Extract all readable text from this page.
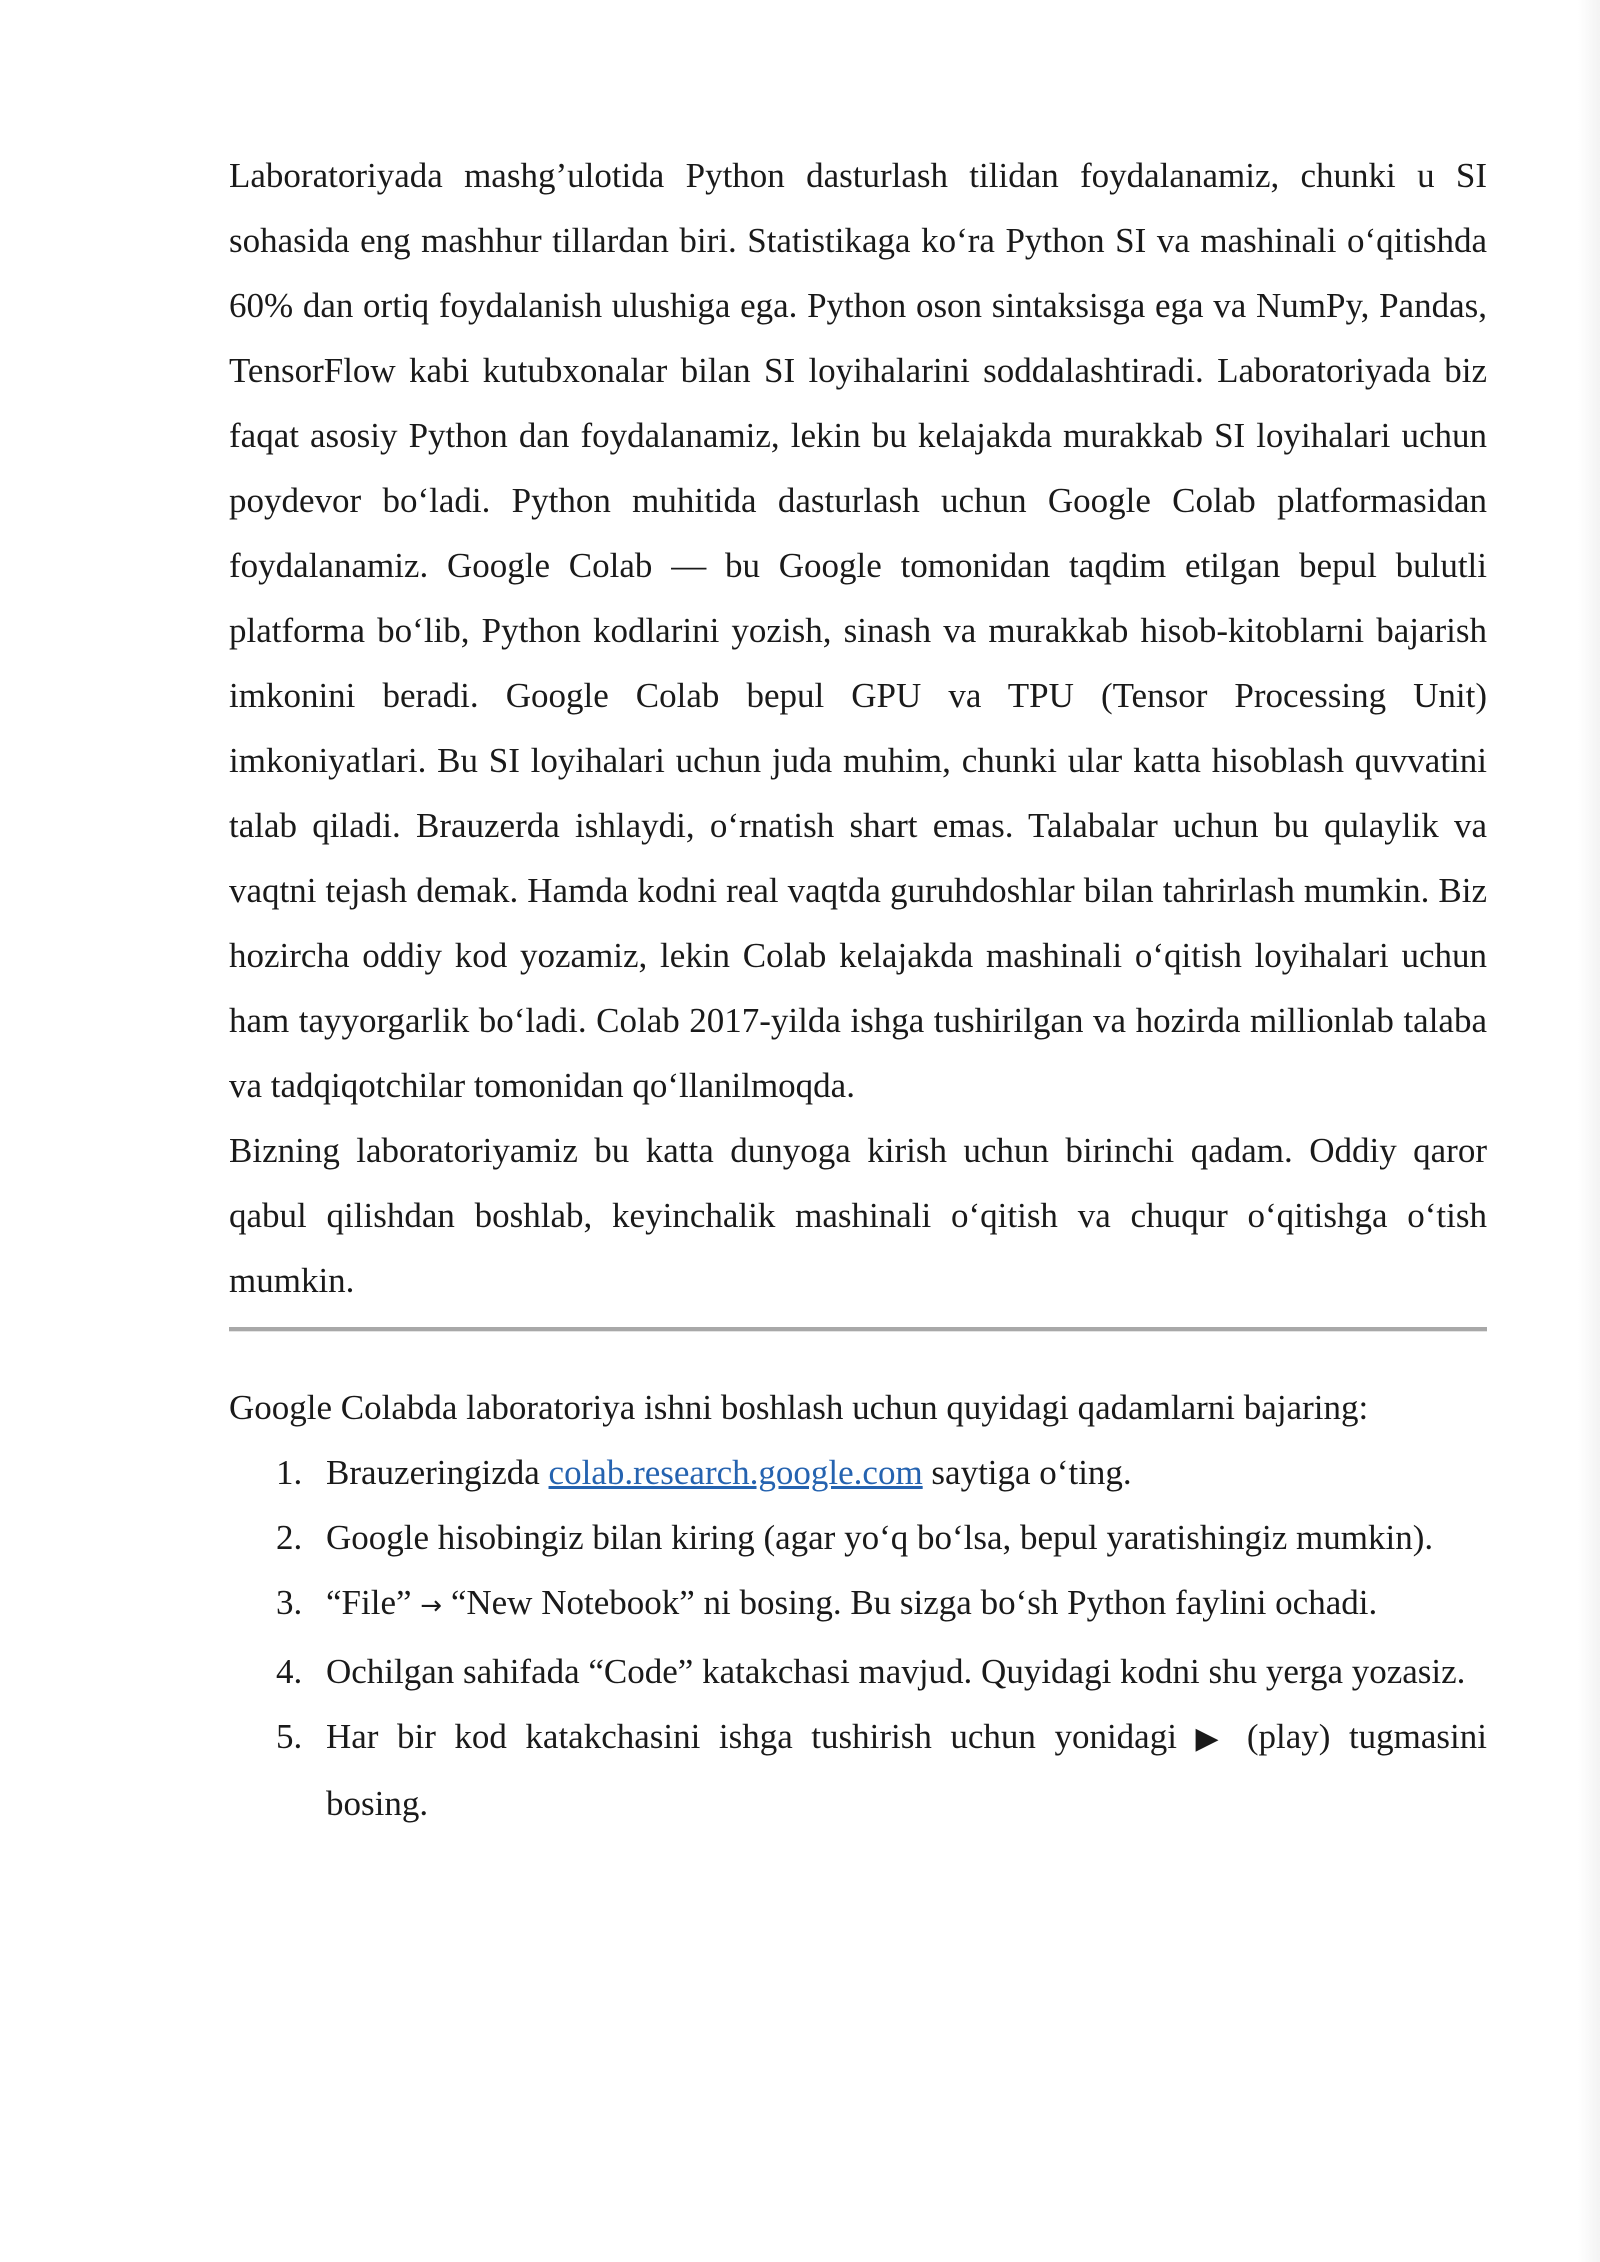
Laboratoriyada mashg’ulotida Python dasturlash tilidan foydalanamiz, chunki u SI sohasida eng mashhur tillardan biri. Statistikaga ko‘ra Python SI va mashinali o‘qitishda 60% dan ortiq foydalanish ulushiga ega. Python oson sintaksisga ega va NumPy, Pandas, TensorFlow kabi kutubxonalar bilan SI loyihalarini soddalashtiradi. Laboratoriyada biz faqat asosiy Python dan foydalanamiz, lekin bu kelajakda murakkab SI loyihalari uchun poydevor bo‘ladi. Python muhitida dasturlash uchun Google Colab platformasidan foydalanamiz. Google Colab — bu Google tomonidan taqdim etilgan bepul bulutli platforma bo‘lib, Python kodlarini yozish, sinash va murakkab hisob-kitoblarni bajarish imkonini beradi. Google Colab bepul GPU va TPU (Tensor Processing Unit) imkoniyatlari. Bu SI loyihalari uchun juda muhim, chunki ular katta hisoblash quvvatini talab qiladi. Brauzerda ishlaydi, o‘rnatish shart emas. Talabalar uchun bu qulaylik va vaqtni tejash demak. Hamda kodni real vaqtda guruhdoshlar bilan tahrirlash mumkin. Biz hozircha oddiy kod yozamiz, lekin Colab kelajakda mashinali o‘qitish loyihalari uchun ham tayyorgarlik bo‘ladi. Colab 2017-yilda ishga tushirilgan va hozirda millionlab talaba va tadqiqotchilar tomonidan qo‘llanilmoqda.

Bizning laboratoriyamiz bu katta dunyoga kirish uchun birinchi qadam. Oddiy qaror qabul qilishdan boshlab, keyinchalik mashinali o‘qitish va chuqur o‘qitishga o‘tish mumkin.

Google Colabda laboratoriya ishni boshlash uchun quyidagi qadamlarni bajaring:

1. Brauzeringizda colab.research.google.com saytiga o‘ting.
2. Google hisobingiz bilan kiring (agar yo‘q bo‘lsa, bepul yaratishingiz mumkin).
3. “File” → “New Notebook” ni bosing. Bu sizga bo‘sh Python faylini ochadi.
4. Ochilgan sahifada “Code” katakchasi mavjud. Quyidagi kodni shu yerga yozasiz.
5. Har bir kod katakchasini ishga tushirish uchun yonidagi ▶ (play) tugmasini bosing.
